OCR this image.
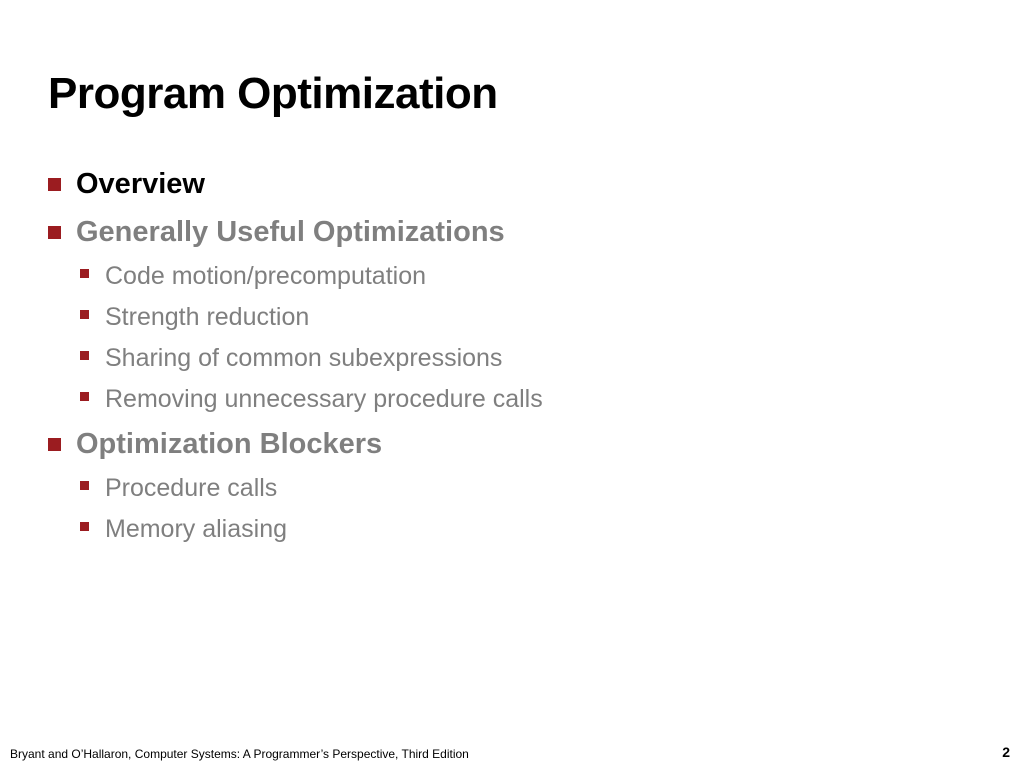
Program Optimization
Overview
Generally Useful Optimizations
Code motion/precomputation
Strength reduction
Sharing of common subexpressions
Removing unnecessary procedure calls
Optimization Blockers
Procedure calls
Memory aliasing
Bryant and O’Hallaron, Computer Systems: A Programmer’s Perspective, Third Edition	2
